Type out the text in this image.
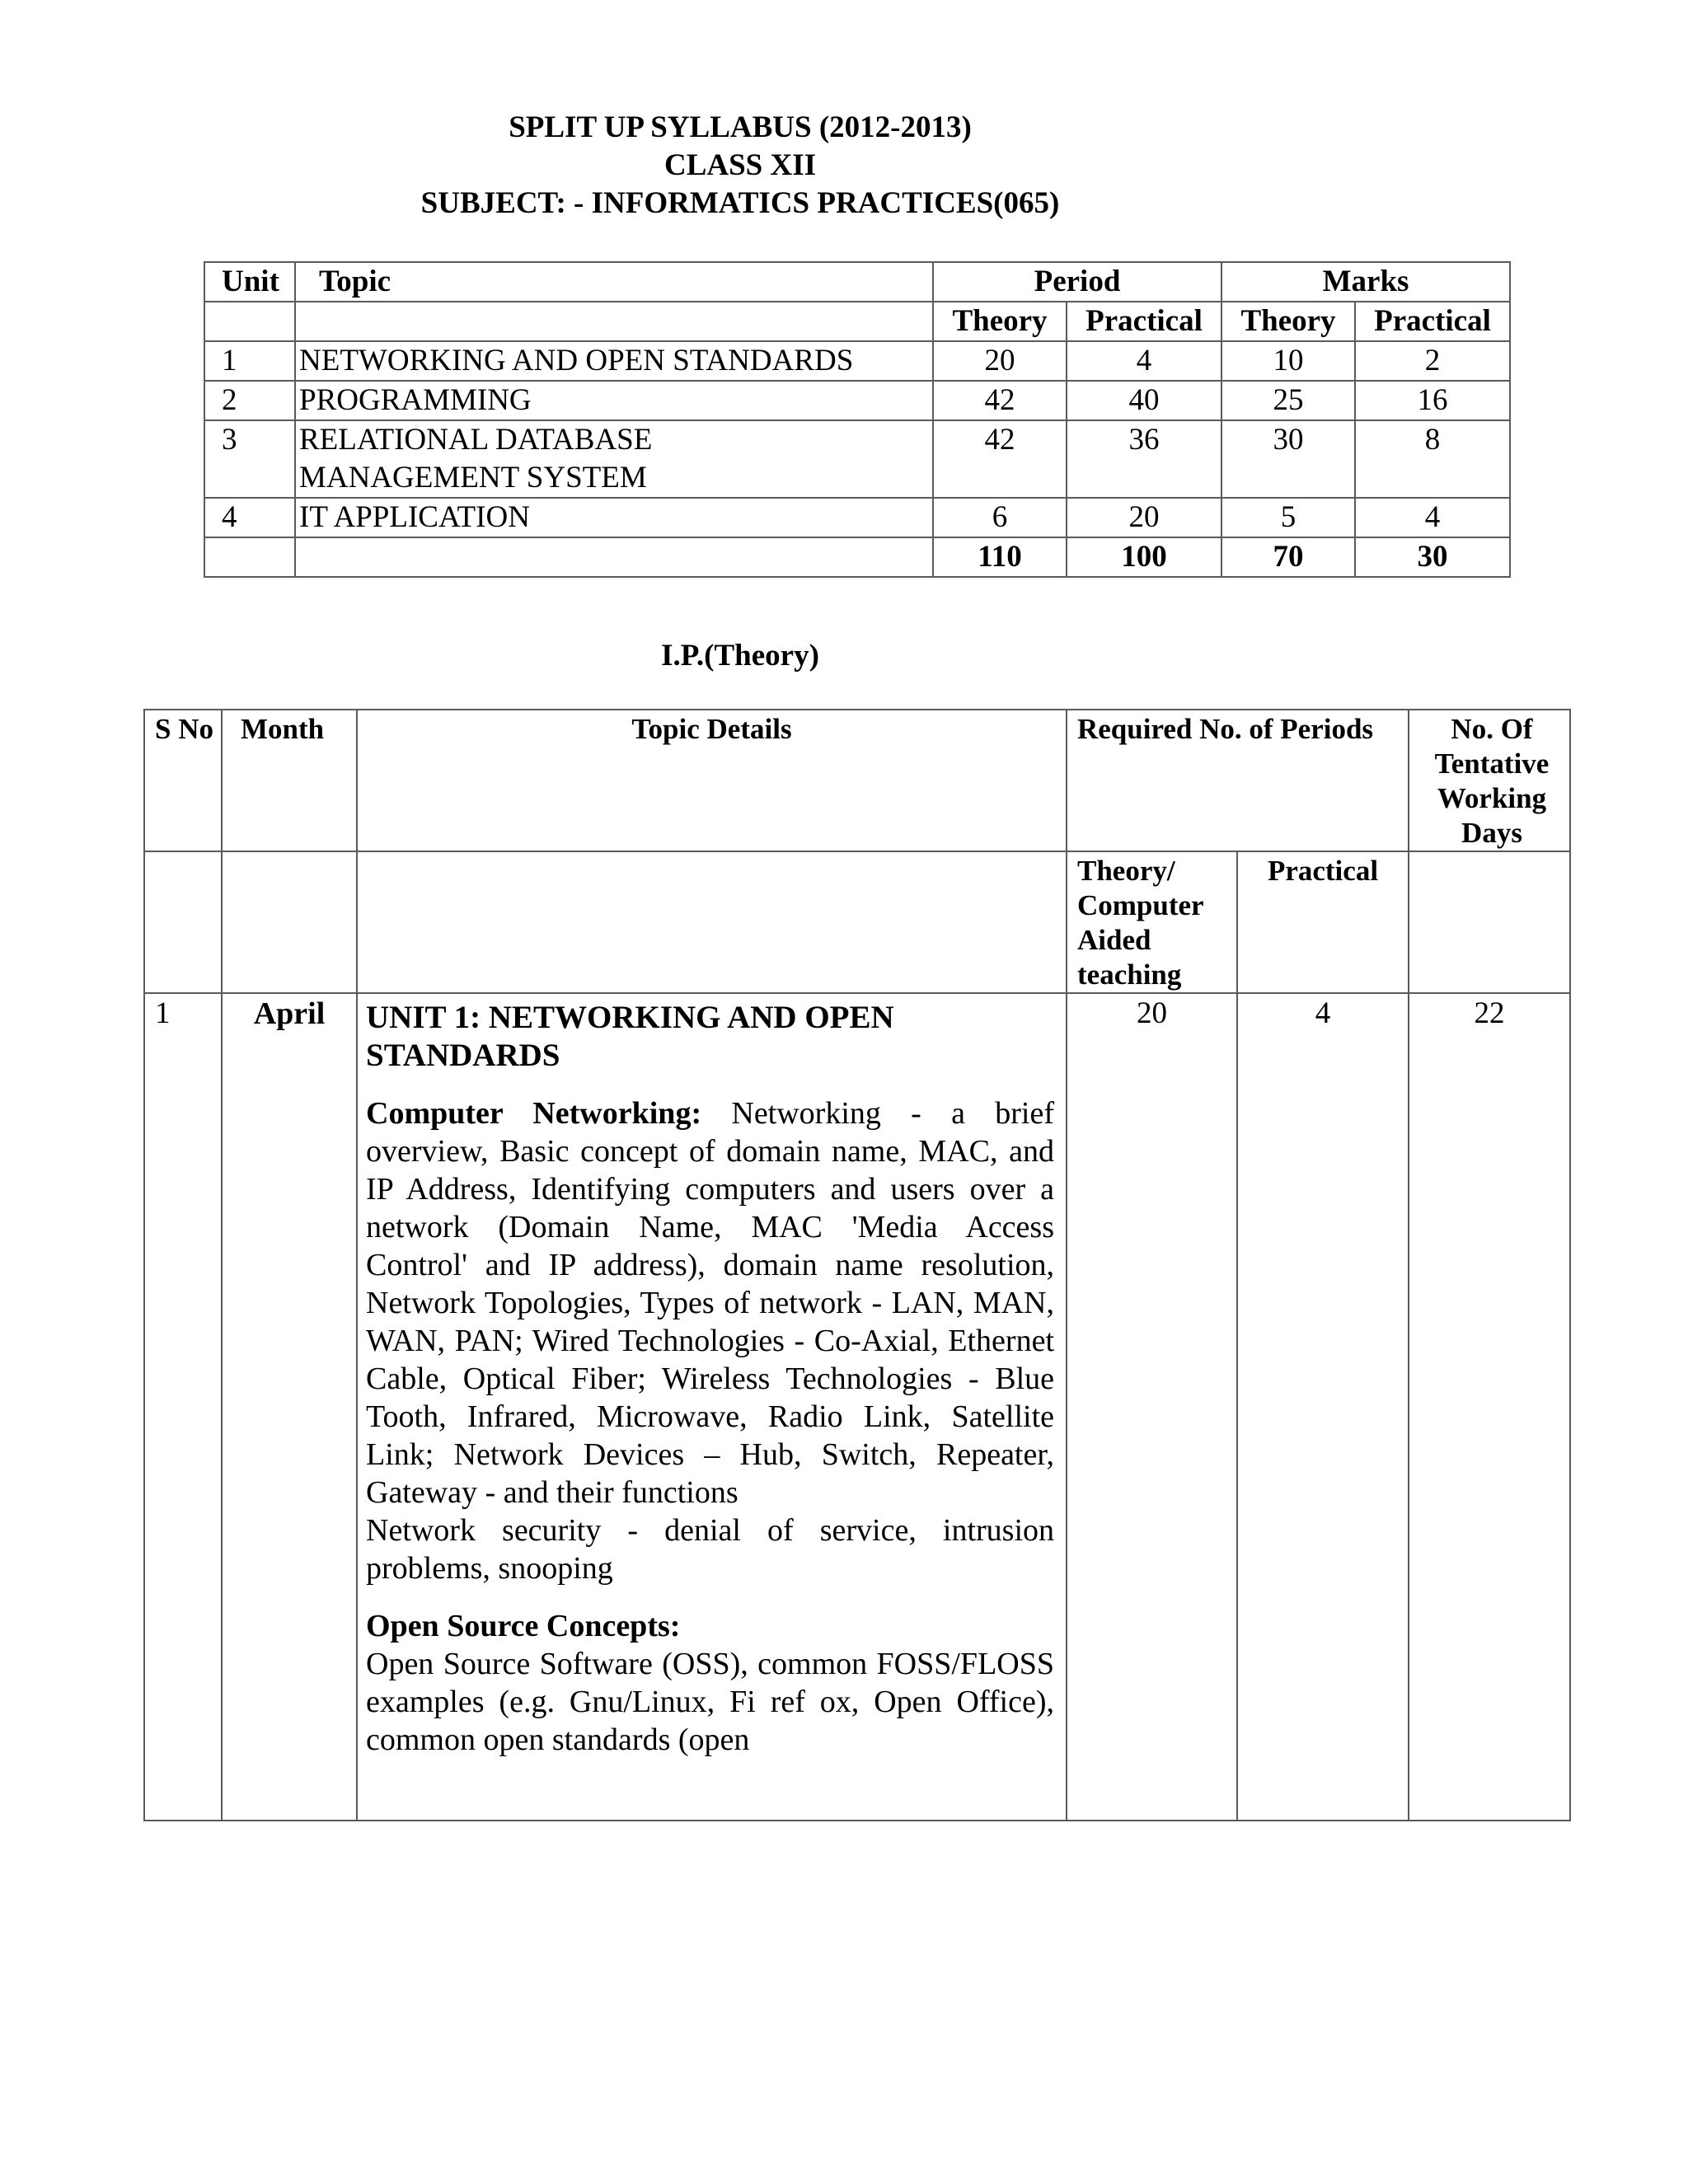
SPLIT UP SYLLABUS (2012-2013)
CLASS XII
SUBJECT: - INFORMATICS PRACTICES(065)
Unit	Topic	Period		Marks	
		Theory	Practical	Theory	Practical
1	NETWORKING AND OPEN STANDARDS	20	4	10	2
2	PROGRAMMING	42	40	25	16
3	RELATIONAL DATABASE MANAGEMENT SYSTEM	42	36	30	8
4	IT APPLICATION	6	20	5	4
		110	100	70	30
I.P.(Theory)
S No	Month	Topic Details	Required No. of Periods		No. Of Tentative Working Days
			Theory/ Computer Aided teaching	Practical	
1	April	UNIT 1: NETWORKING AND OPEN STANDARDS

Computer Networking: Networking - a brief overview, Basic concept of domain name, MAC, and IP Address, Identifying computers and users over a network (Domain Name, MAC 'Media Access Control' and IP address), domain name resolution, Network Topologies, Types of network - LAN, MAN, WAN, PAN; Wired Technologies - Co-Axial, Ethernet Cable, Optical Fiber; Wireless Technologies - Blue Tooth, Infrared, Microwave, Radio Link, Satellite Link; Network Devices – Hub, Switch, Repeater, Gateway - and their functions

Network security - denial of service, intrusion problems, snooping

Open Source Concepts:

Open Source Software (OSS), common FOSS/FLOSS examples (e.g. Gnu/Linux, Fi ref ox, Open Office), common open standards (open	20	4	22
